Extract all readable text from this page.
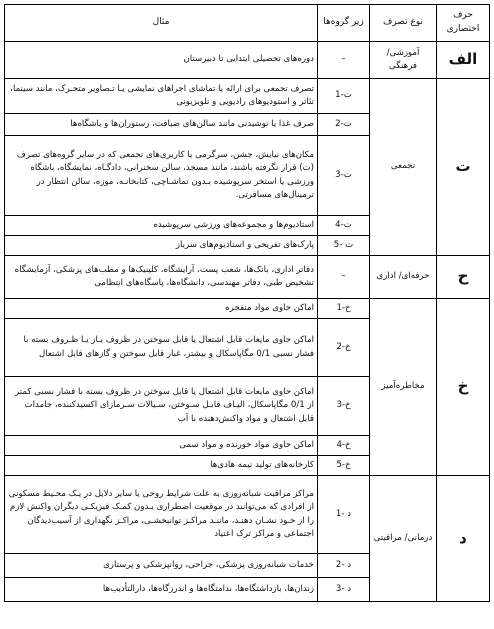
حرف اختصاری	نوع تصرف	زیر گروه‌ها	مثال
الف	آموزشی/ فرهنگی	–	دوره‌های تحصیلی ابتدایی تا دبیرستان
ت	تجمعی	ت-1	تصرف تجمعی برای ارائه یا تماشای اجراهای نمایشی یـا تـصاویر متحـرک، مانند سینما، تئاتر و استودیوهای رادیویی و تلویزیونی
		ت-2	صرف غذا یا نوشیدنی مانند سالن‌های ضیافت، رستوران‌ها و باشگاه‌ها
		ت-3	مکان‌های نیایش، جشن، سرگرمی یا کاربری‌های تجمعی که در سایر گروه‌های تصرف (ت) قرار نگرفته باشند، مانند مسجد، سالن سخنرانی، دادگـاه، نمایشگاه، باشگاه ورزشی یا استخر سرپوشیده بـدون تماشـاچی، کتابخانـه، موزه، سالن انتظار در ترمینال‌های مسافرتی.
		ت-4	استادیوم‌ها و مجموعه‌های ورزشی سرپوشیده
		ت -5	پارک‌های تفریحی و استادیوم‌های سرباز
ح	حرفه‌ای/ اداری	–	دفاتر اداری، بانک‌ها، شعب پست، آرایشگاه، کلینیک‌ها و مطب‌های پزشکی، آزمایشگاه تشخیص طبی، دفاتر مهندسی، دانشگاه‌ها، پاسگاه‌های انتظامی
خ	مخاطره‌آمیز	خ-1	اماکن حاوی مواد منفجره
		خ-2	اماکن حاوی مایعات قابل اشتعال یا قابل سوختن در ظروف بـاز یـا ظـروف بسته با فشار نسبی 0/1 مگاپاسکال و بیشتر، غبار قابل سوختن و گازهای قابل اشتعال
		خ-3	اماکن حاوی مایعات قابل اشتعال یا قابل سوختن در ظروف بسته با فشار نسبی کمتر از 0/1 مگاپاسکال، الیـاف قابـل سـوختن، سـیالات سـرمازای اکسیدکننده، جامدات قابل اشتعال و مواد واکنش‌دهنده با آب
		خ-4	اماکن حاوی مواد خورنده و مواد سمی
		خ-5	کارخانه‌های تولید نیمه هادی‌ها
د	درمانی/ مراقبتی	د -1	مراکز مراقبت شبانه‌روزی به علت شرایط روحی یا سایر دلایل در یـک محـیط مسکونی از افرادی که می‌توانند در موقعیت اضطراری بـدون کمـک فیزیکـی دیگران واکنش لازم را از خـود نشـان دهنـد، ماننـد مراکـز توانبخشـی، مراکـز نگهداری از آسیب‌دیدگان اجتماعی و مراکز ترک اعتیاد
		د -2	خدمات شبانه‌روزی پزشکی، جراحی، روانپزشکی و پرستاری
		د -3	زندان‌ها، بازداشتگاه‌ها، ندامتگاه‌ها و اندرزگاه‌ها، دارالتأدیب‌ها
